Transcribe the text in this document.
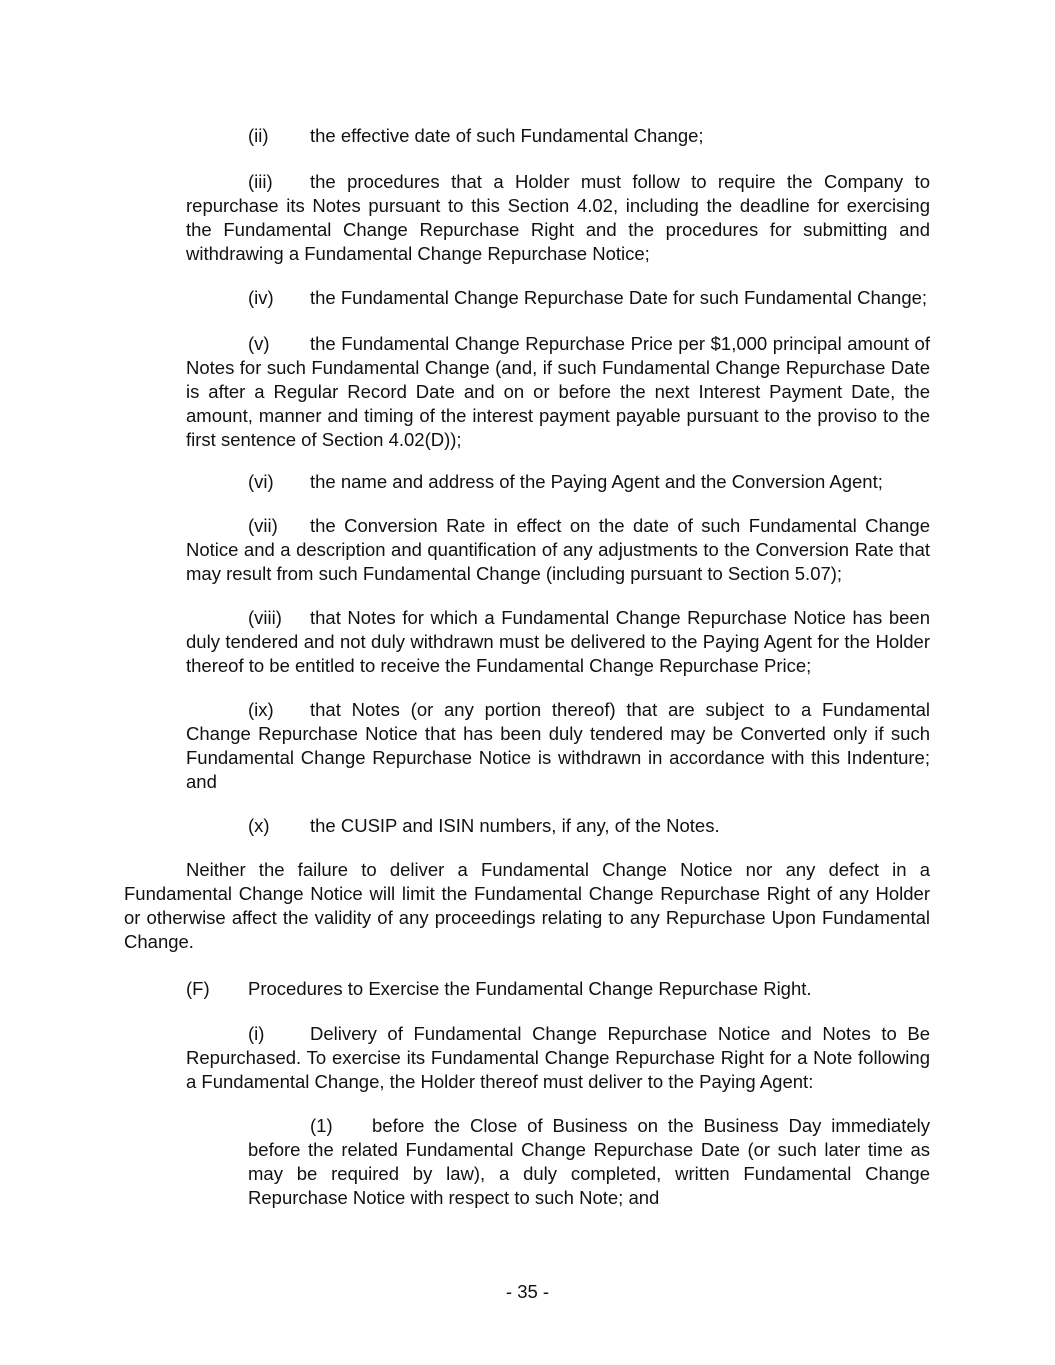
(ii) the effective date of such Fundamental Change;

(iii) the procedures that a Holder must follow to require the Company to repurchase its Notes pursuant to this Section 4.02, including the deadline for exercising the Fundamental Change Repurchase Right and the procedures for submitting and withdrawing a Fundamental Change Repurchase Notice;

(iv) the Fundamental Change Repurchase Date for such Fundamental Change;

(v) the Fundamental Change Repurchase Price per $1,000 principal amount of Notes for such Fundamental Change (and, if such Fundamental Change Repurchase Date is after a Regular Record Date and on or before the next Interest Payment Date, the amount, manner and timing of the interest payment payable pursuant to the proviso to the first sentence of Section 4.02(D));

(vi) the name and address of the Paying Agent and the Conversion Agent;

(vii) the Conversion Rate in effect on the date of such Fundamental Change Notice and a description and quantification of any adjustments to the Conversion Rate that may result from such Fundamental Change (including pursuant to Section 5.07);

(viii) that Notes for which a Fundamental Change Repurchase Notice has been duly tendered and not duly withdrawn must be delivered to the Paying Agent for the Holder thereof to be entitled to receive the Fundamental Change Repurchase Price;

(ix) that Notes (or any portion thereof) that are subject to a Fundamental Change Repurchase Notice that has been duly tendered may be Converted only if such Fundamental Change Repurchase Notice is withdrawn in accordance with this Indenture; and

(x) the CUSIP and ISIN numbers, if any, of the Notes.

Neither the failure to deliver a Fundamental Change Notice nor any defect in a Fundamental Change Notice will limit the Fundamental Change Repurchase Right of any Holder or otherwise affect the validity of any proceedings relating to any Repurchase Upon Fundamental Change.

(F) Procedures to Exercise the Fundamental Change Repurchase Right.

(i) Delivery of Fundamental Change Repurchase Notice and Notes to Be Repurchased. To exercise its Fundamental Change Repurchase Right for a Note following a Fundamental Change, the Holder thereof must deliver to the Paying Agent:

(1) before the Close of Business on the Business Day immediately before the related Fundamental Change Repurchase Date (or such later time as may be required by law), a duly completed, written Fundamental Change Repurchase Notice with respect to such Note; and

- 35 -
